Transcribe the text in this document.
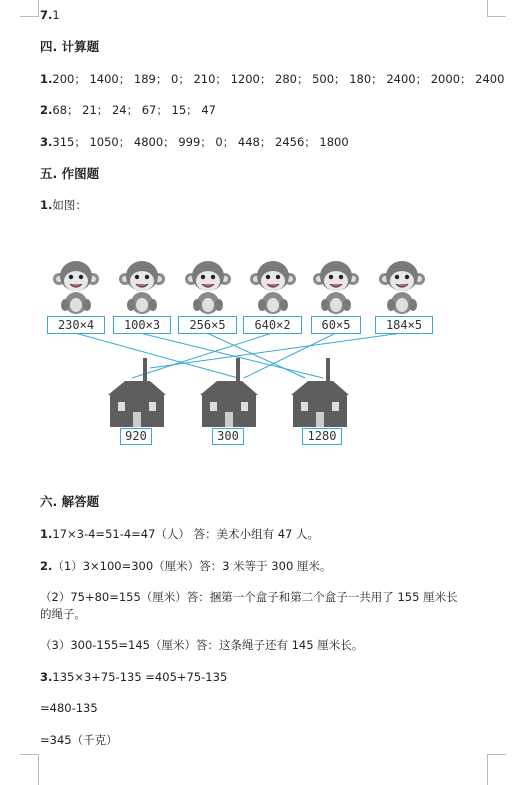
7.1
四. 计算题
1.200； 1400； 189； 0； 210； 1200； 280； 500； 180； 2400； 2000； 2400
2.68； 21； 24； 67； 15； 47
3.315； 1050； 4800； 999； 0； 448； 2456； 1800
五. 作图题
1.如图：
230×4	100×3	256×5	640×2	60×5	184×5
920	300	1280
六. 解答题
1.17×3-4=51-4=47（人） 答：美术小组有 47 人。
2.（1）3×100=300（厘米）答：3 米等于 300 厘米。
（2）75+80=155（厘米）答：捆第一个盒子和第二个盒子一共用了 155 厘米长
的绳子。
（3）300-155=145（厘米）答：这条绳子还有 145 厘米长。
3.135×3+75-135 =405+75-135
=480-135
=345（千克）
